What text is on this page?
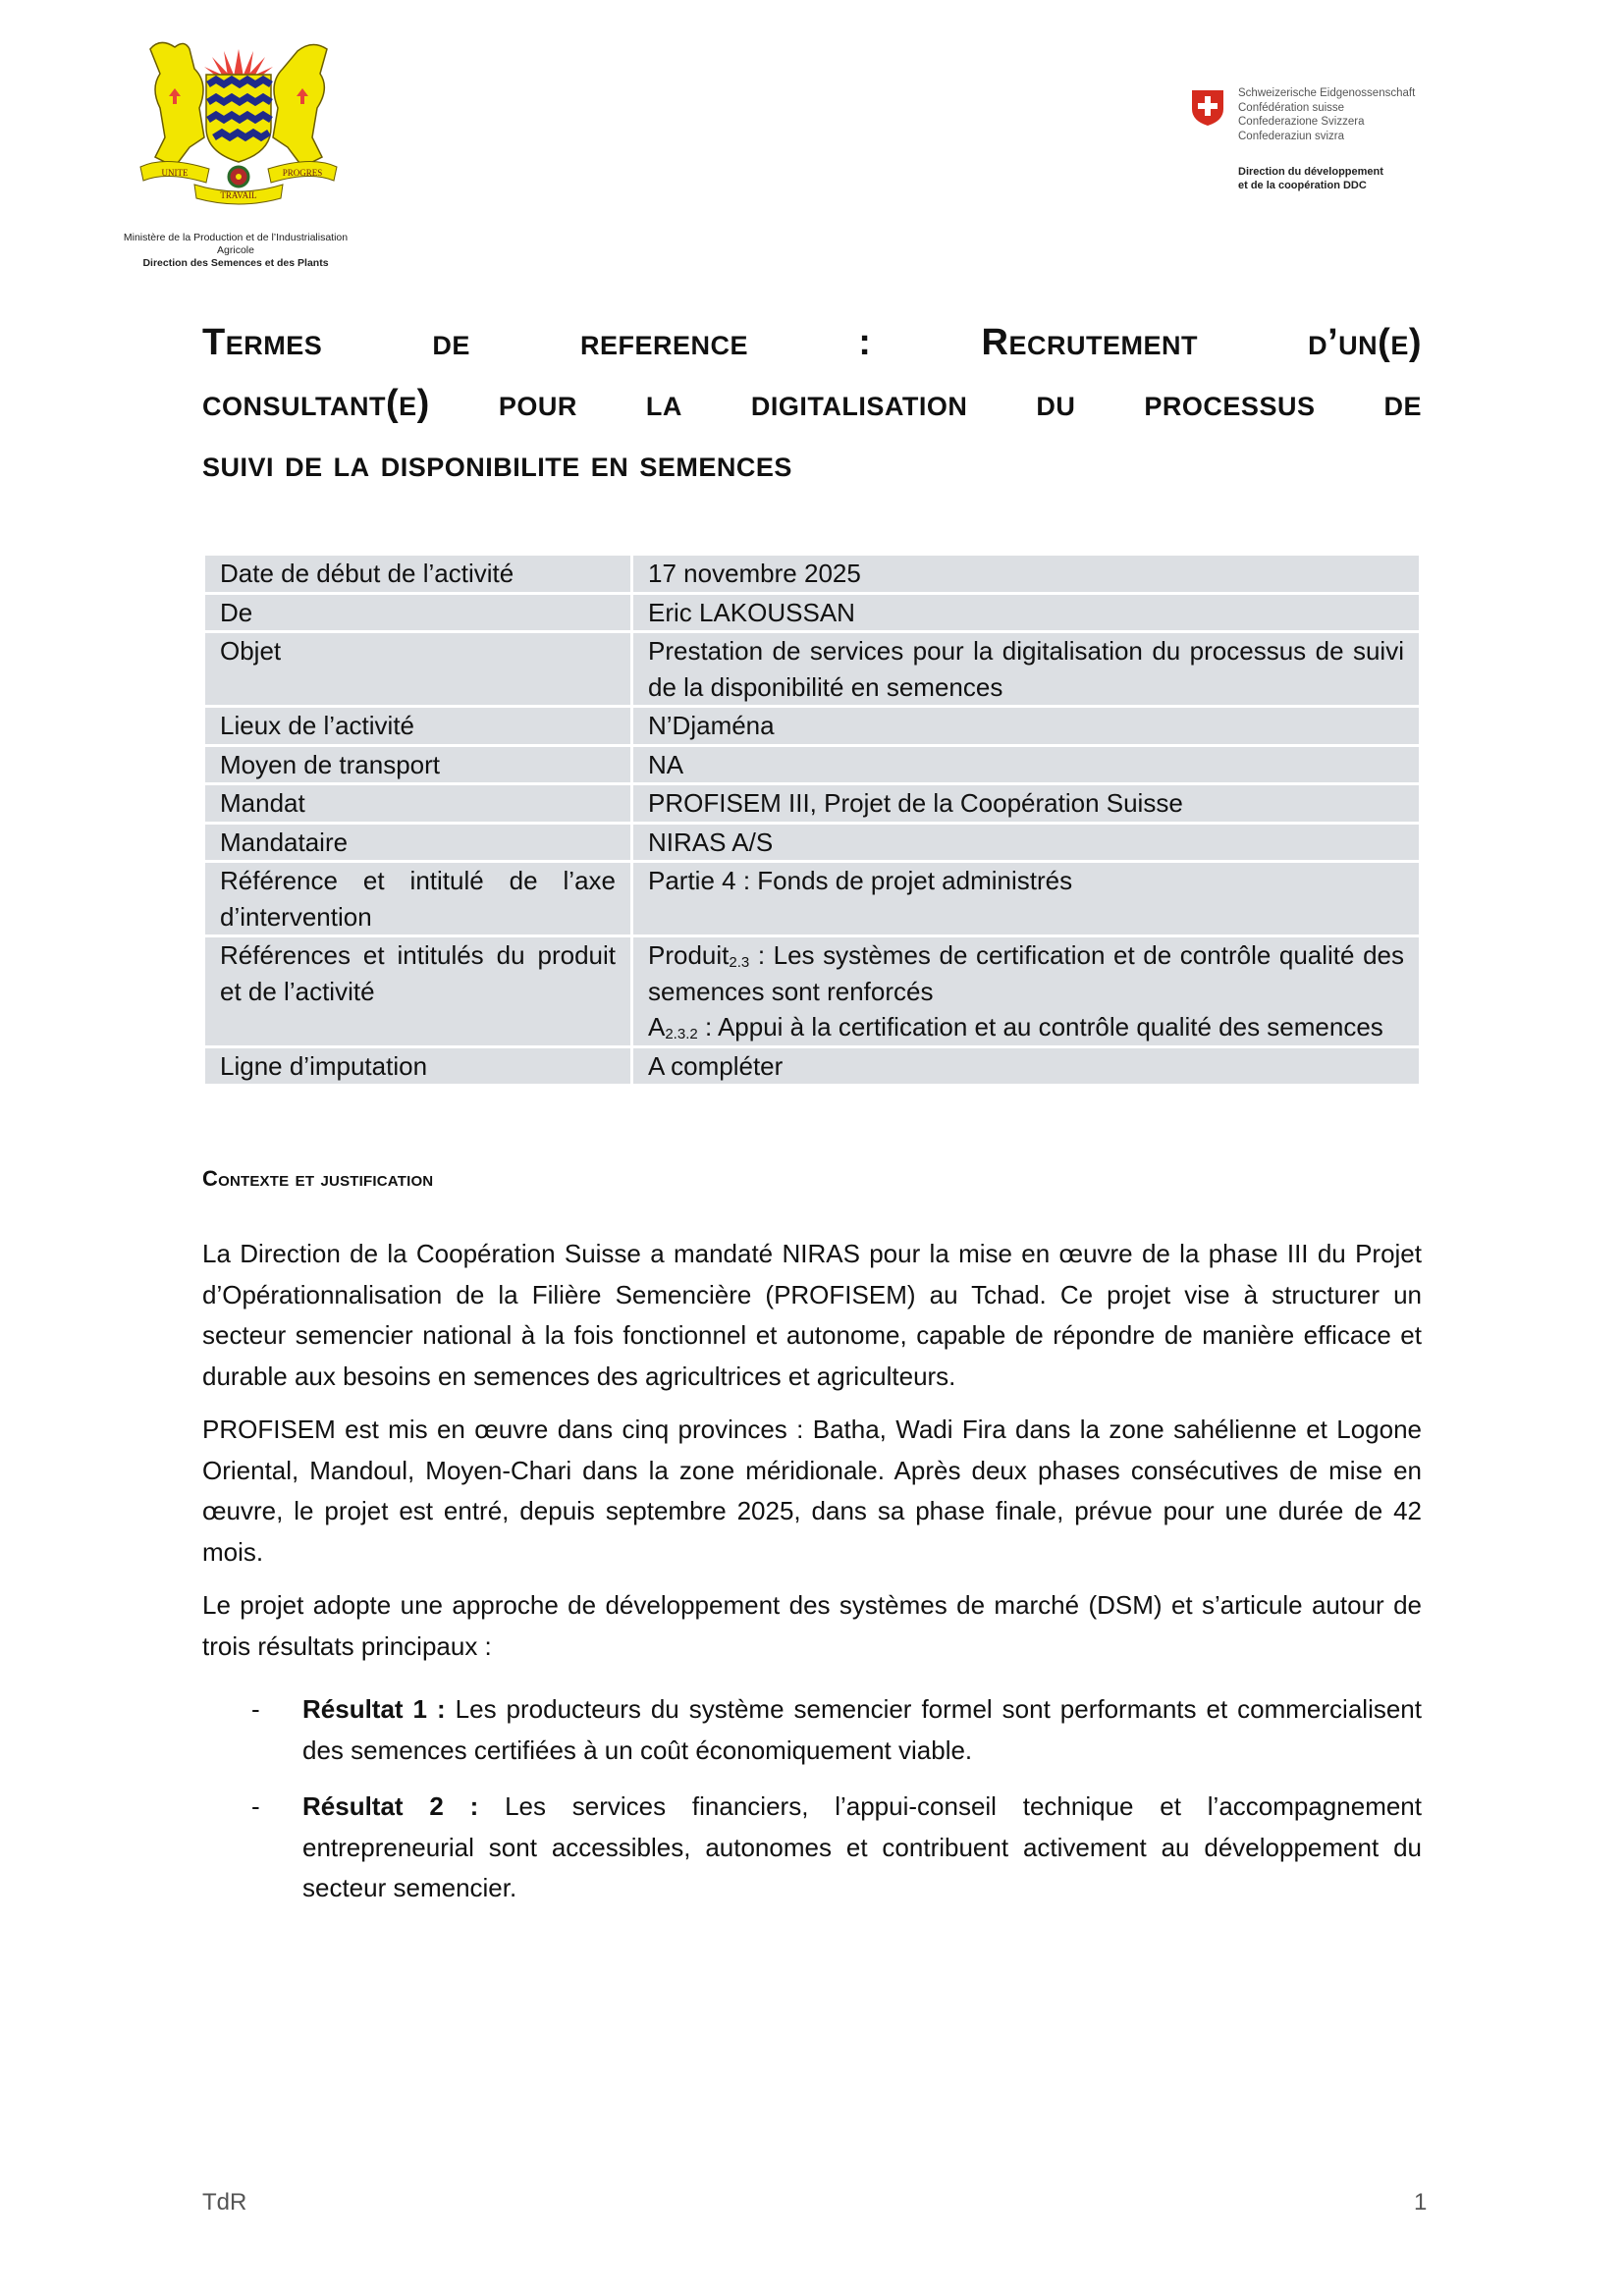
UNITE	PROGRES
TRAVAIL
Ministère de la Production et de l’Industrialisation
Agricole
Direction des Semences et des Plants
Schweizerische Eidgenossenschaft
Confédération suisse
Confederazione Svizzera
Confederaziun svizra
Direction du développement
et de la coopération DDC
Termes de reference : Recrutement d’un(e)
consultant(e) pour la digitalisation du processus de
suivi de la disponibilite en semences
Date de début de l’activité	17 novembre 2025
De	Eric LAKOUSSAN
Objet	Prestation de services pour la digitalisation du processus de suivi de la disponibilité en semences
Lieux de l’activité	N’Djaména
Moyen de transport	NA
Mandat	PROFISEM III, Projet de la Coopération Suisse
Mandataire	NIRAS A/S
Référence et intitulé de l’axe d’intervention	Partie 4 : Fonds de projet administrés
Références et intitulés du produit et de l’activité	Produit$_{2.3}$ : Les systèmes de certification et de contrôle qualité des semences sont renforcés
$A_{2.3.2}$ : Appui à la certification et au contrôle qualité des semences

Ligne d’imputation	A compléter
Contexte et justification

La Direction de la Coopération Suisse a mandaté NIRAS pour la mise en œuvre de la phase III du Projet d’Opérationnalisation de la Filière Semencière (PROFISEM) au Tchad. Ce projet vise à structurer un secteur semencier national à la fois fonctionnel et autonome, capable de répondre de manière efficace et durable aux besoins en semences des agricultrices et agriculteurs.

PROFISEM est mis en œuvre dans cinq provinces : Batha, Wadi Fira dans la zone sahélienne et Logone Oriental, Mandoul, Moyen-Chari dans la zone méridionale. Après deux phases consécutives de mise en œuvre, le projet est entré, depuis septembre 2025, dans sa phase finale, prévue pour une durée de 42 mois.

Le projet adopte une approche de développement des systèmes de marché (DSM) et s’articule autour de trois résultats principaux :

- Résultat 1 : Les producteurs du système semencier formel sont performants et commercialisent des semences certifiées à un coût économiquement viable.
- Résultat 2 : Les services financiers, l’appui-conseil technique et l’accompagnement entrepreneurial sont accessibles, autonomes et contribuent activement au développement du secteur semencier.
TdR	1
